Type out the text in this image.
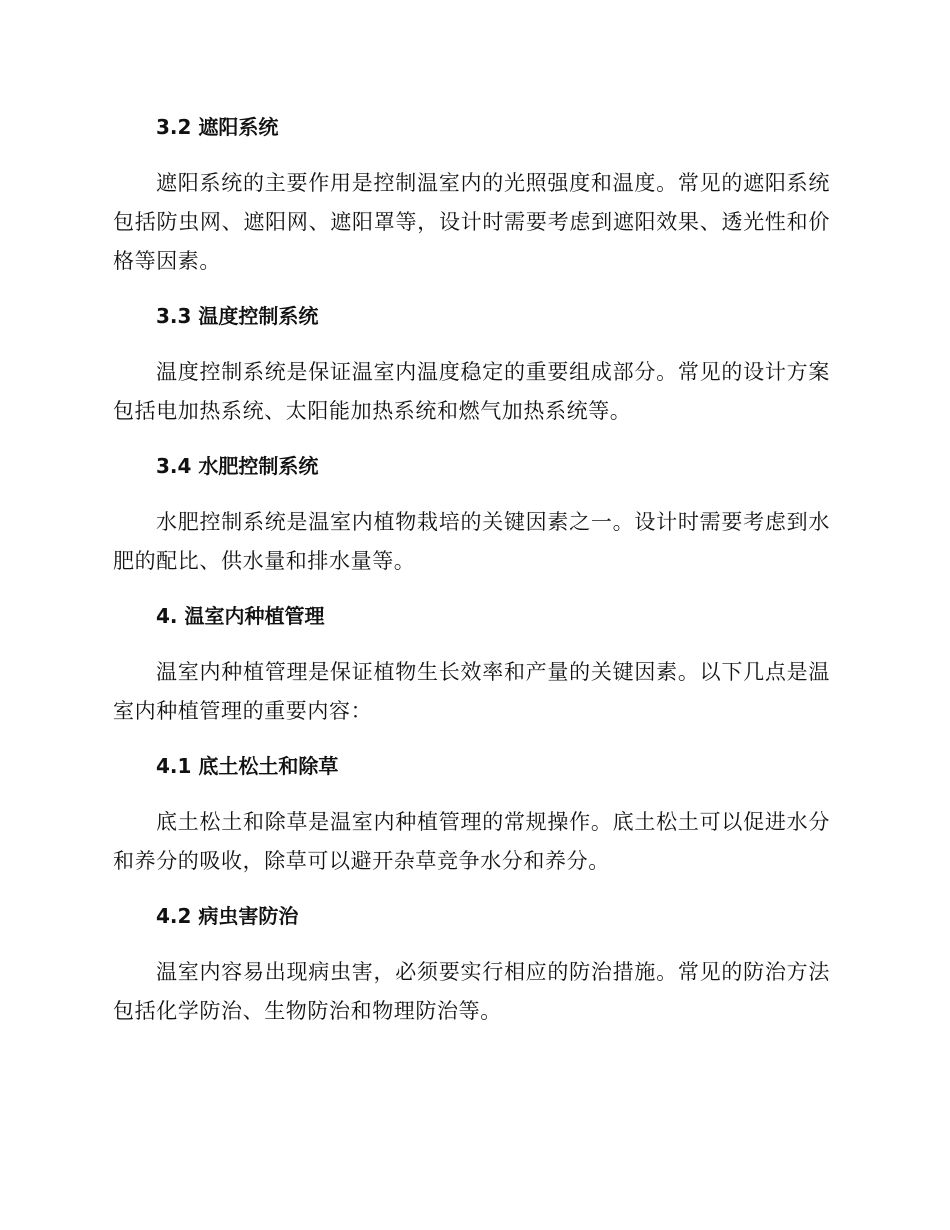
3.2 遮阳系统

遮阳系统的主要作用是控制温室内的光照强度和温度。常见的遮阳系统包括防虫网、遮阳网、遮阳罩等，设计时需要考虑到遮阳效果、透光性和价格等因素。

3.3 温度控制系统

温度控制系统是保证温室内温度稳定的重要组成部分。常见的设计方案包括电加热系统、太阳能加热系统和燃气加热系统等。

3.4 水肥控制系统

水肥控制系统是温室内植物栽培的关键因素之一。设计时需要考虑到水肥的配比、供水量和排水量等。

4. 温室内种植管理

温室内种植管理是保证植物生长效率和产量的关键因素。以下几点是温室内种植管理的重要内容：

4.1 底土松土和除草

底土松土和除草是温室内种植管理的常规操作。底土松土可以促进水分和养分的吸收，除草可以避开杂草竞争水分和养分。

4.2 病虫害防治

温室内容易出现病虫害，必须要实行相应的防治措施。常见的防治方法包括化学防治、生物防治和物理防治等。
